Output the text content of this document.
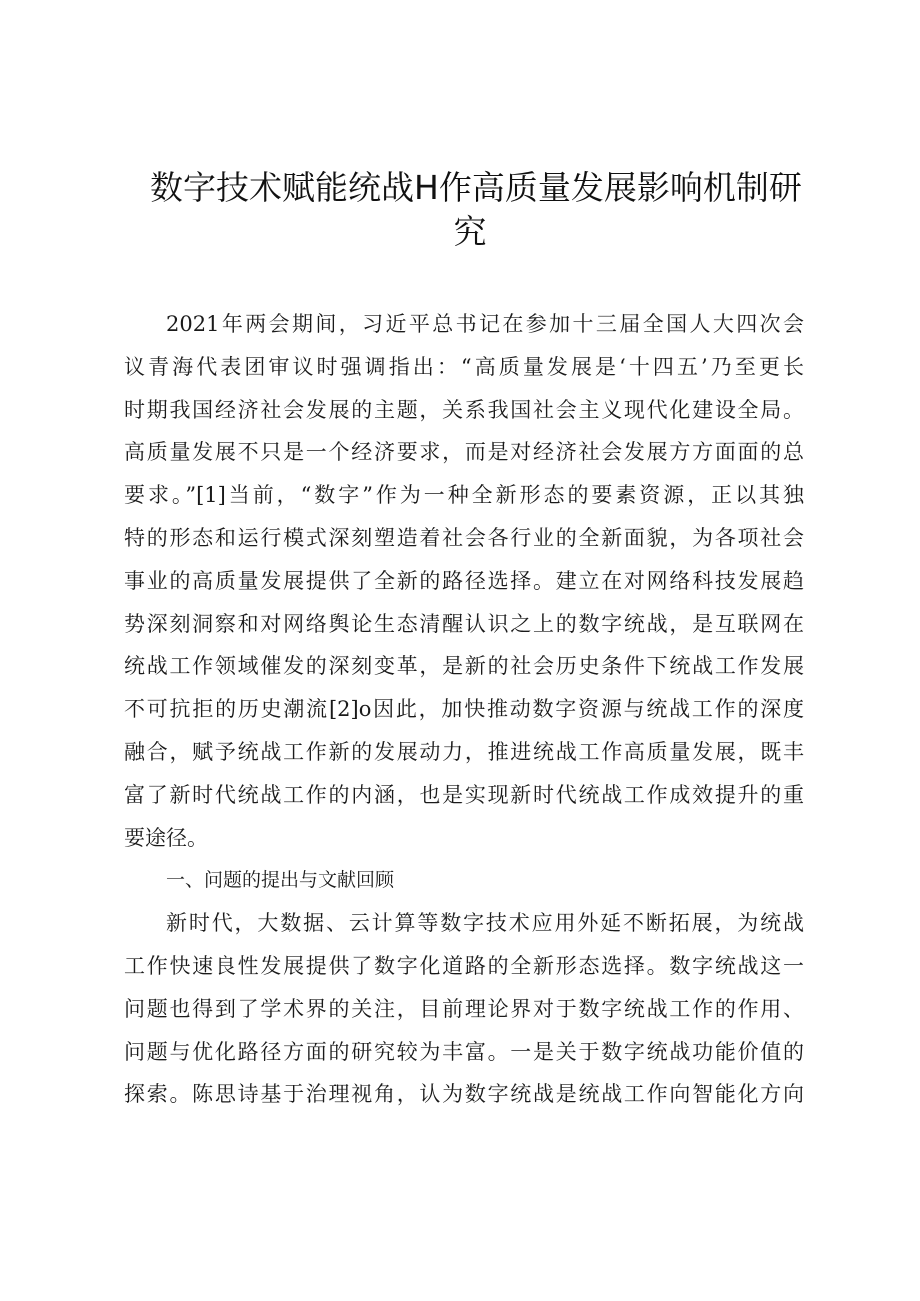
数字技术赋能统战H作高质量发展影响机制研
究
2021年两会期间，习近平总书记在参加十三届全国人大四次会
议青海代表团审议时强调指出：“高质量发展是‘十四五’乃至更长
时期我国经济社会发展的主题，关系我国社会主义现代化建设全局。
高质量发展不只是一个经济要求，而是对经济社会发展方方面面的总
要求。”[1]当前，“数字”作为一种全新形态的要素资源，正以其独
特的形态和运行模式深刻塑造着社会各行业的全新面貌，为各项社会
事业的高质量发展提供了全新的路径选择。建立在对网络科技发展趋
势深刻洞察和对网络舆论生态清醒认识之上的数字统战，是互联网在
统战工作领域催发的深刻变革，是新的社会历史条件下统战工作发展
不可抗拒的历史潮流[2]o因此，加快推动数字资源与统战工作的深度
融合，赋予统战工作新的发展动力，推进统战工作高质量发展，既丰
富了新时代统战工作的内涵，也是实现新时代统战工作成效提升的重
要途径。
一、问题的提出与文献回顾
新时代，大数据、云计算等数字技术应用外延不断拓展，为统战
工作快速良性发展提供了数字化道路的全新形态选择。数字统战这一
问题也得到了学术界的关注，目前理论界对于数字统战工作的作用、
问题与优化路径方面的研究较为丰富。一是关于数字统战功能价值的
探索。陈思诗基于治理视角，认为数字统战是统战工作向智能化方向
